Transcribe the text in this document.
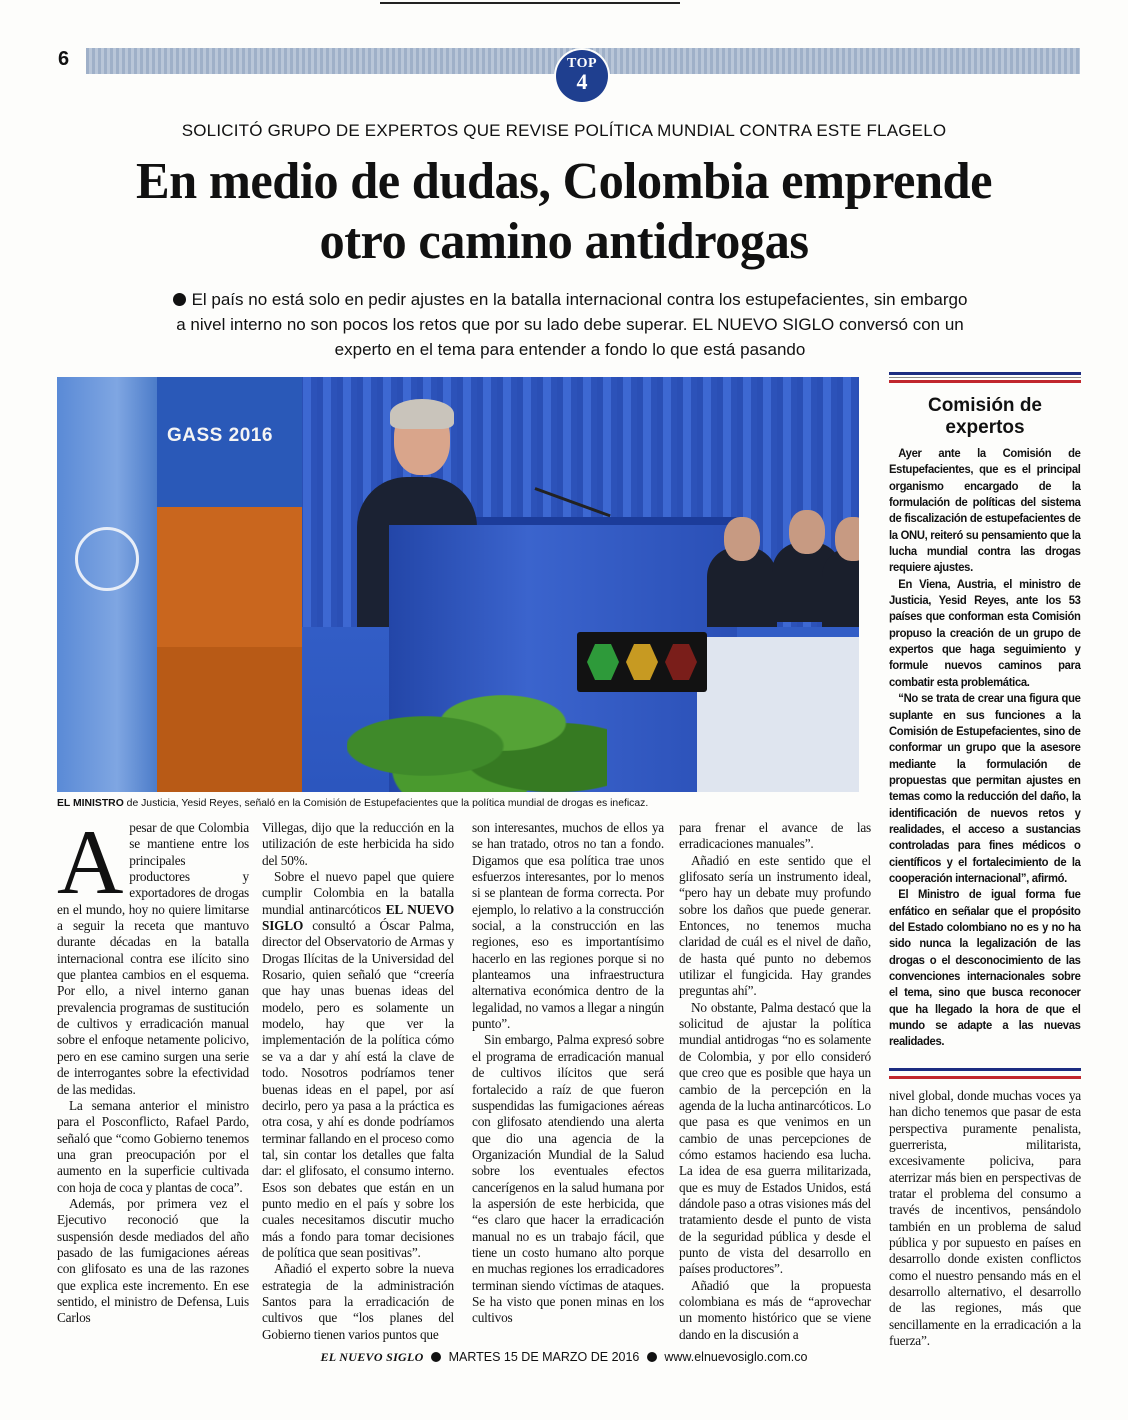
6	TOP
4
SOLICITÓ GRUPO DE EXPERTOS QUE REVISE POLÍTICA MUNDIAL CONTRA ESTE FLAGELO
En medio de dudas, Colombia emprende
otro camino antidrogas
El país no está solo en pedir ajustes en la batalla internacional contra los estupefacientes, sin embargo
a nivel interno no son pocos los retos que por su lado debe superar. EL NUEVO SIGLO conversó con un
experto en el tema para entender a fondo lo que está pasando
GASS 2016
EL MINISTRO de Justicia, Yesid Reyes, señaló en la Comisión de Estupefacientes que la política mundial de drogas es ineficaz.
Comisión de
expertos

Ayer ante la Comisión de Estupefacientes, que es el principal organismo encargado de la formulación de políticas del sistema de fiscalización de estupefacientes de la ONU, reiteró su pensamiento que la lucha mundial contra las drogas requiere ajustes.

En Viena, Austria, el ministro de Justicia, Yesid Reyes, ante los 53 países que conforman esta Comisión propuso la creación de un grupo de expertos que haga seguimiento y formule nuevos caminos para combatir esta problemática.

“No se trata de crear una figura que suplante en sus funciones a la Comisión de Estupefacientes, sino de conformar un grupo que la asesore mediante la formulación de propuestas que permitan ajustes en temas como la reducción del daño, la identificación de nuevos retos y realidades, el acceso a sustancias controladas para fines médicos o científicos y el fortalecimiento de la cooperación internacional”, afirmó.

El Ministro de igual forma fue enfático en señalar que el propósito del Estado colombiano no es y no ha sido nunca la legalización de las drogas o el desconocimiento de las convenciones internacionales sobre el tema, sino que busca reconocer que ha llegado la hora de que el mundo se adapte a las nuevas realidades.

A pesar de que Colombia se mantiene entre los principales productores y exportadores de drogas en el mundo, hoy no quiere limitarse a seguir la receta que mantuvo durante décadas en la batalla internacional contra ese ilícito sino que plantea cambios en el esquema. Por ello, a nivel interno ganan prevalencia programas de sustitución de cultivos y erradicación manual sobre el enfoque netamente policivo, pero en ese camino surgen una serie de interrogantes sobre la efectividad de las medidas.

La semana anterior el ministro para el Posconflicto, Rafael Pardo, señaló que “como Gobierno tenemos una gran preocupación por el aumento en la superficie cultivada con hoja de coca y plantas de coca”.

Además, por primera vez el Ejecutivo reconoció que la suspensión desde mediados del año pasado de las fumigaciones aéreas con glifosato es una de las razones que explica este incremento. En ese sentido, el ministro de Defensa, Luis Carlos

Villegas, dijo que la reducción en la utilización de este herbicida ha sido del 50%.

Sobre el nuevo papel que quiere cumplir Colombia en la batalla mundial antinarcóticos EL NUEVO SIGLO consultó a Óscar Palma, director del Observatorio de Armas y Drogas Ilícitas de la Universidad del Rosario, quien señaló que “creería que hay unas buenas ideas del modelo, pero es solamente un modelo, hay que ver la implementación de la política cómo se va a dar y ahí está la clave de todo. Nosotros podríamos tener buenas ideas en el papel, por así decirlo, pero ya pasa a la práctica es otra cosa, y ahí es donde podríamos terminar fallando en el proceso como tal, sin contar los detalles que falta dar: el glifosato, el consumo interno. Esos son debates que están en un punto medio en el país y sobre los cuales necesitamos discutir mucho más a fondo para tomar decisiones de política que sean positivas”.

Añadió el experto sobre la nueva estrategia de la administración Santos para la erradicación de cultivos que “los planes del Gobierno tienen varios puntos que

son interesantes, muchos de ellos ya se han tratado, otros no tan a fondo. Digamos que esa política trae unos esfuerzos interesantes, por lo menos si se plantean de forma correcta. Por ejemplo, lo relativo a la construcción social, a la construcción en las regiones, eso es importantísimo hacerlo en las regiones porque si no planteamos una infraestructura alternativa económica dentro de la legalidad, no vamos a llegar a ningún punto”.

Sin embargo, Palma expresó sobre el programa de erradicación manual de cultivos ilícitos que será fortalecido a raíz de que fueron suspendidas las fumigaciones aéreas con glifosato atendiendo una alerta que dio una agencia de la Organización Mundial de la Salud sobre los eventuales efectos cancerígenos en la salud humana por la aspersión de este herbicida, que “es claro que hacer la erradicación manual no es un trabajo fácil, que tiene un costo humano alto porque en muchas regiones los erradicadores terminan siendo víctimas de ataques. Se ha visto que ponen minas en los cultivos

para frenar el avance de las erradicaciones manuales”.

Añadió en este sentido que el glifosato sería un instrumento ideal, “pero hay un debate muy profundo sobre los daños que puede generar. Entonces, no tenemos mucha claridad de cuál es el nivel de daño, de hasta qué punto no debemos utilizar el fungicida. Hay grandes preguntas ahí”.

No obstante, Palma destacó que la solicitud de ajustar la política mundial antidrogas “no es solamente de Colombia, y por ello consideró que creo que es posible que haya un cambio de la percepción en la agenda de la lucha antinarcóticos. Lo que pasa es que venimos en un cambio de unas percepciones de cómo estamos haciendo esa lucha. La idea de esa guerra militarizada, que es muy de Estados Unidos, está dándole paso a otras visiones más del tratamiento desde el punto de vista de la seguridad pública y desde el punto de vista del desarrollo en países productores”.

Añadió que la propuesta colombiana es más de “aprovechar un momento histórico que se viene dando en la discusión a

nivel global, donde muchas voces ya han dicho tenemos que pasar de esta perspectiva puramente penalista, guerrerista, militarista, excesivamente policiva, para aterrizar más bien en perspectivas de tratar el problema del consumo a través de incentivos, pensándolo también en un problema de salud pública y por supuesto en países en desarrollo donde existen conflictos como el nuestro pensando más en el desarrollo alternativo, el desarrollo de las regiones, más que sencillamente en la erradicación a la fuerza”.

EL NUEVO SIGLO MARTES 15 DE MARZO DE 2016 www.elnuevosiglo.com.co
